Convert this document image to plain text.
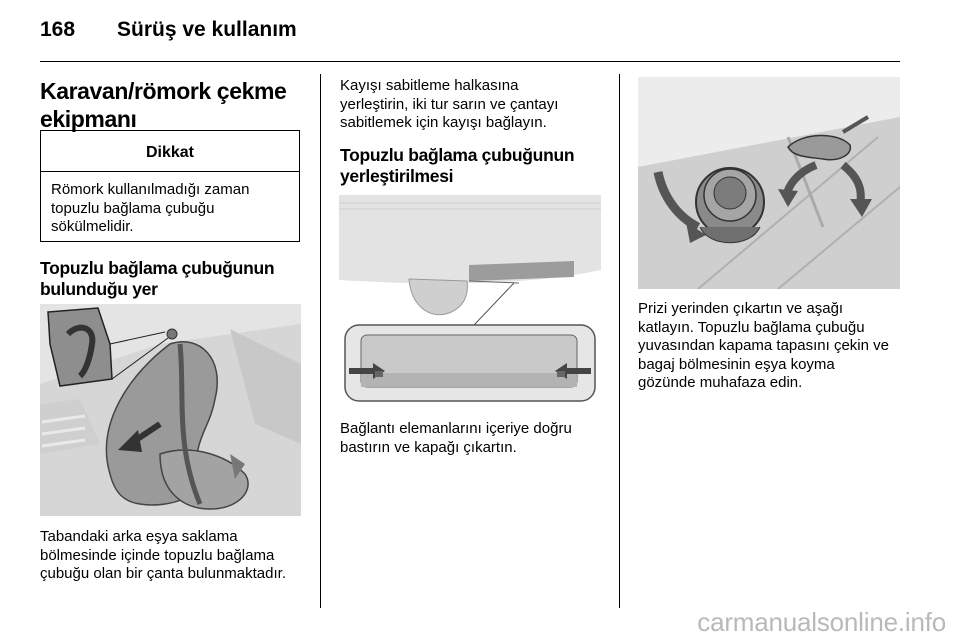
168 Sürüş ve kullanım
Karavan/römork çekme
ekipmanı
Dikkat
Römork kullanılmadığı zaman
topuzlu bağlama çubuğu
sökülmelidir.
Topuzlu bağlama çubuğunun
bulunduğu yer
Tabandaki arka eşya saklama
bölmesinde içinde topuzlu bağlama
çubuğu olan bir çanta bulunmaktadır.
Kayışı sabitleme halkasına
yerleştirin, iki tur sarın ve çantayı
sabitlemek için kayışı bağlayın.
Topuzlu bağlama çubuğunun
yerleştirilmesi
Bağlantı elemanlarını içeriye doğru
bastırın ve kapağı çıkartın.
Prizi yerinden çıkartın ve aşağı
katlayın. Topuzlu bağlama çubuğu
yuvasından kapama tapasını çekin ve
bagaj bölmesinin eşya koyma
gözünde muhafaza edin.
carmanualsonline.info
